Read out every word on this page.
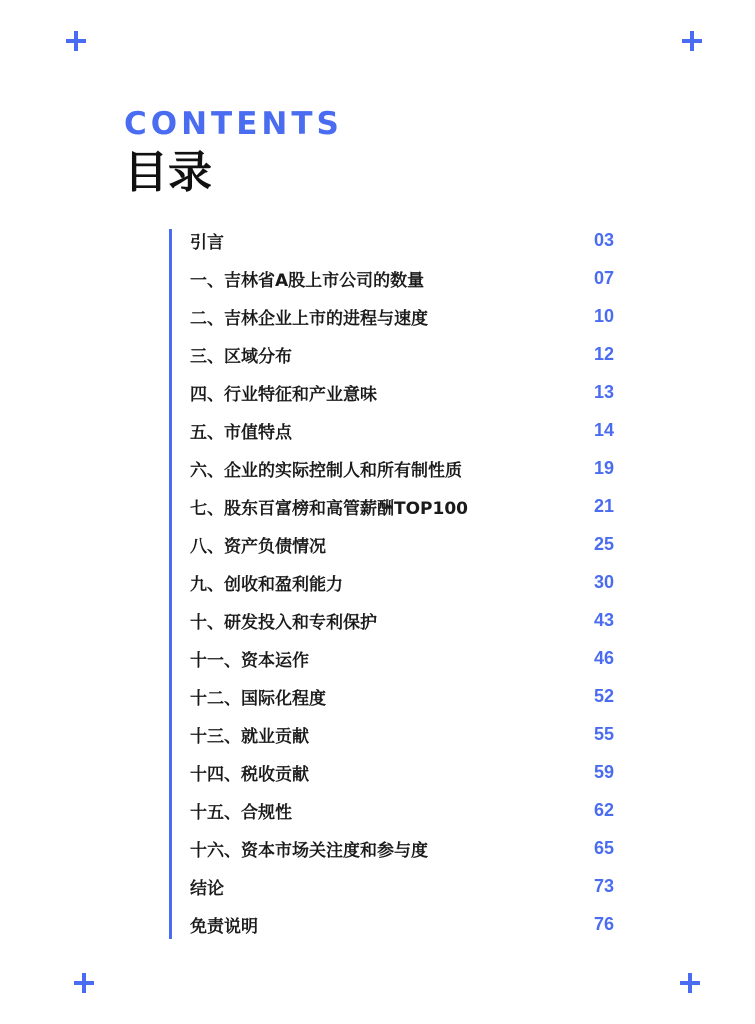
CONTENTS
目录
引言	03
一、吉林省A股上市公司的数量	07
二、吉林企业上市的进程与速度	10
三、区域分布	12
四、行业特征和产业意味	13
五、市值特点	14
六、企业的实际控制人和所有制性质	19
七、股东百富榜和高管薪酬TOP100	21
八、资产负债情况	25
九、创收和盈利能力	30
十、研发投入和专利保护	43
十一、资本运作	46
十二、国际化程度	52
十三、就业贡献	55
十四、税收贡献	59
十五、合规性	62
十六、资本市场关注度和参与度	65
结论	73
免责说明	76
